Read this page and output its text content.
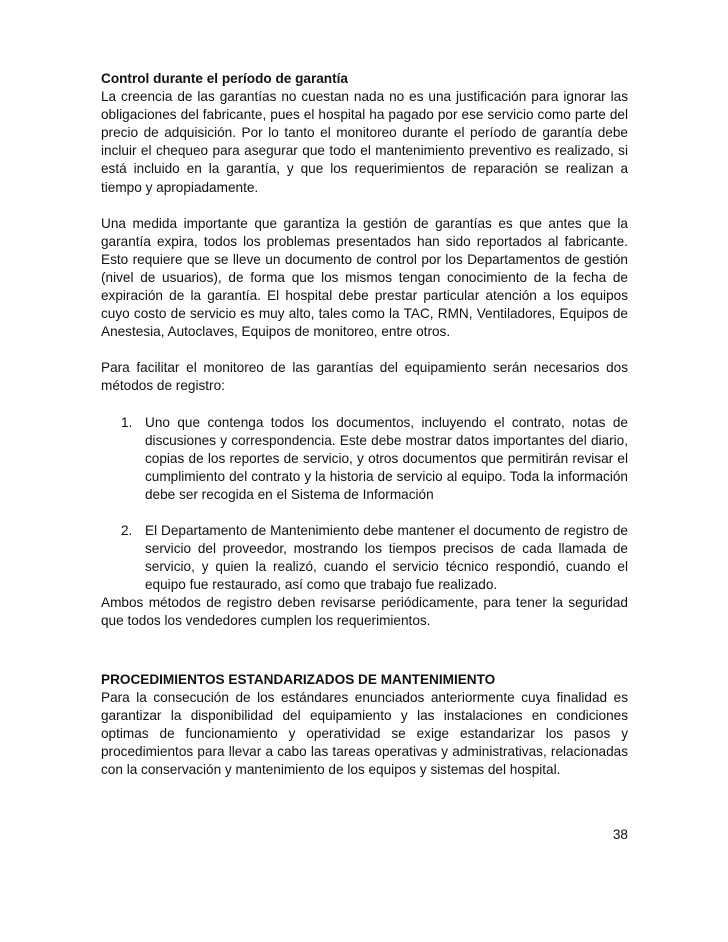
Control durante el período de garantía

La creencia de las garantías no cuestan nada no es una justificación para ignorar las obligaciones del fabricante, pues el hospital ha pagado por ese servicio como parte del precio de adquisición. Por lo tanto el monitoreo durante el período de garantía debe incluir el chequeo para asegurar que todo el mantenimiento preventivo es realizado, si está incluido en la garantía, y que los requerimientos de reparación se realizan a tiempo y apropiadamente.

Una medida importante que garantiza la gestión de garantías es que antes que la garantía expira, todos los problemas presentados han sido reportados al fabricante. Esto requiere que se lleve un documento de control por los Departamentos de gestión (nivel de usuarios), de forma que los mismos tengan conocimiento de la fecha de expiración de la garantía. El hospital debe prestar particular atención a los equipos cuyo costo de servicio es muy alto, tales como la TAC, RMN, Ventiladores, Equipos de Anestesia, Autoclaves, Equipos de monitoreo, entre otros.

Para facilitar el monitoreo de las garantías del equipamiento serán necesarios dos métodos de registro:

1. Uno que contenga todos los documentos, incluyendo el contrato, notas de discusiones y correspondencia. Este debe mostrar datos importantes del diario, copias de los reportes de servicio, y otros documentos que permitirán revisar el cumplimiento del contrato y la historia de servicio al equipo. Toda la información debe ser recogida en el Sistema de Información
2. El Departamento de Mantenimiento debe mantener el documento de registro de servicio del proveedor, mostrando los tiempos precisos de cada llamada de servicio, y quien la realizó, cuando el servicio técnico respondió, cuando el equipo fue restaurado, así como que trabajo fue realizado.

Ambos métodos de registro deben revisarse periódicamente, para tener la seguridad que todos los vendedores cumplen los requerimientos.

PROCEDIMIENTOS ESTANDARIZADOS DE MANTENIMIENTO

Para la consecución de los estándares enunciados anteriormente cuya finalidad es garantizar la disponibilidad del equipamiento y las instalaciones en condiciones optimas de funcionamiento y operatividad se exige estandarizar los pasos y procedimientos para llevar a cabo las tareas operativas y administrativas, relacionadas con la conservación y mantenimiento de los equipos y sistemas del hospital.

38
